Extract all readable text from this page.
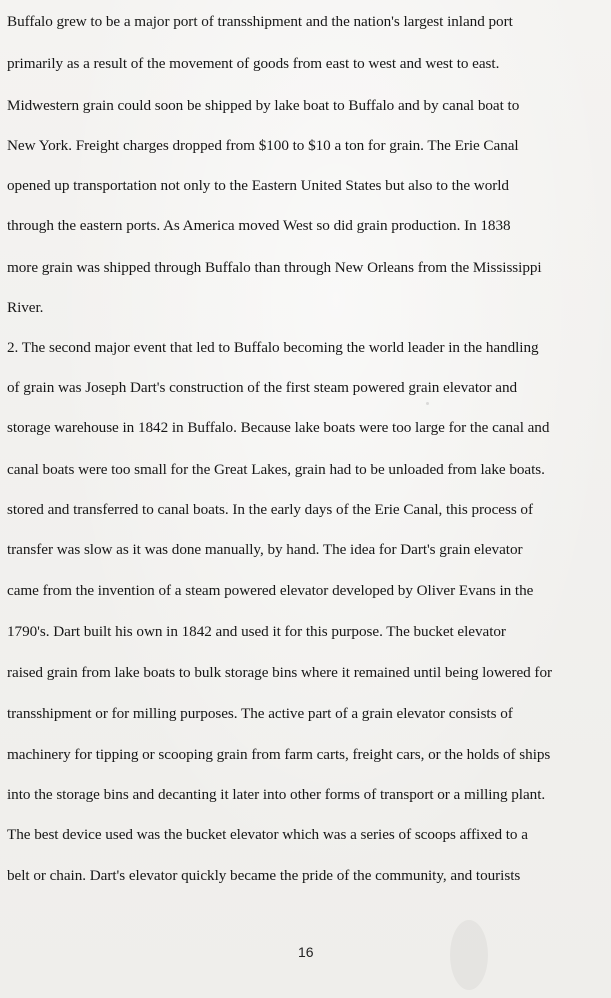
Buffalo grew to be a major port of transshipment and the nation's largest inland port
primarily as a result of the movement of goods from east to west and west to east.
Midwestern grain could soon be shipped by lake boat to Buffalo and by canal boat to
New York. Freight charges dropped from $100 to $10 a ton for grain. The Erie Canal
opened up transportation not only to the Eastern United States but also to the world
through the eastern ports. As America moved West so did grain production. In 1838
more grain was shipped through Buffalo than through New Orleans from the Mississippi
River.
2. The second major event that led to Buffalo becoming the world leader in the handling
of grain was Joseph Dart's construction of the first steam powered grain elevator and
storage warehouse in 1842 in Buffalo. Because lake boats were too large for the canal and
canal boats were too small for the Great Lakes, grain had to be unloaded from lake boats.
stored and transferred to canal boats. In the early days of the Erie Canal, this process of
transfer was slow as it was done manually, by hand. The idea for Dart's grain elevator
came from the invention of a steam powered elevator developed by Oliver Evans in the
1790's. Dart built his own in 1842 and used it for this purpose. The bucket elevator
raised grain from lake boats to bulk storage bins where it remained until being lowered for
transshipment or for milling purposes. The active part of a grain elevator consists of
machinery for tipping or scooping grain from farm carts, freight cars, or the holds of ships
into the storage bins and decanting it later into other forms of transport or a milling plant.
The best device used was the bucket elevator which was a series of scoops affixed to a
belt or chain. Dart's elevator quickly became the pride of the community, and tourists
16
